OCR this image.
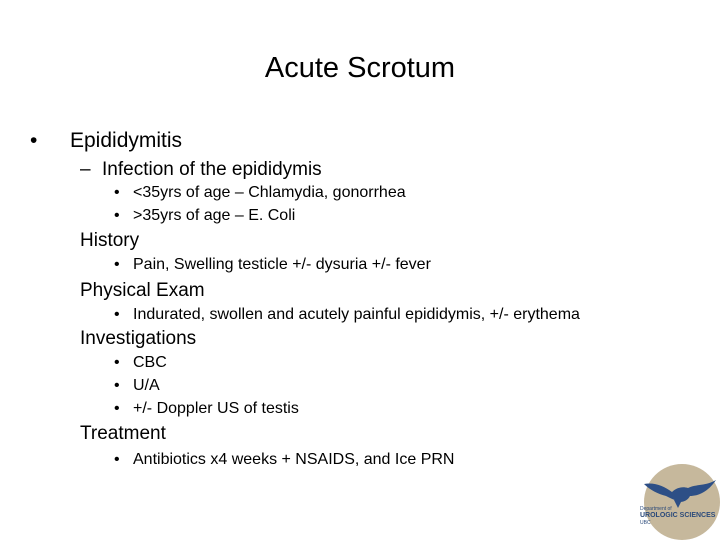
Acute Scrotum
• Epididymitis
– Infection of the epididymis
• <35yrs of age – Chlamydia, gonorrhea
• >35yrs of age – E. Coli
History
• Pain, Swelling testicle +/- dysuria +/- fever
Physical Exam
• Indurated, swollen and acutely painful epididymis, +/- erythema
Investigations
• CBC
• U/A
• +/- Doppler US of testis
Treatment
• Antibiotics x4 weeks + NSAIDS, and Ice PRN
Department of
UROLOGIC SCIENCES
UBC
